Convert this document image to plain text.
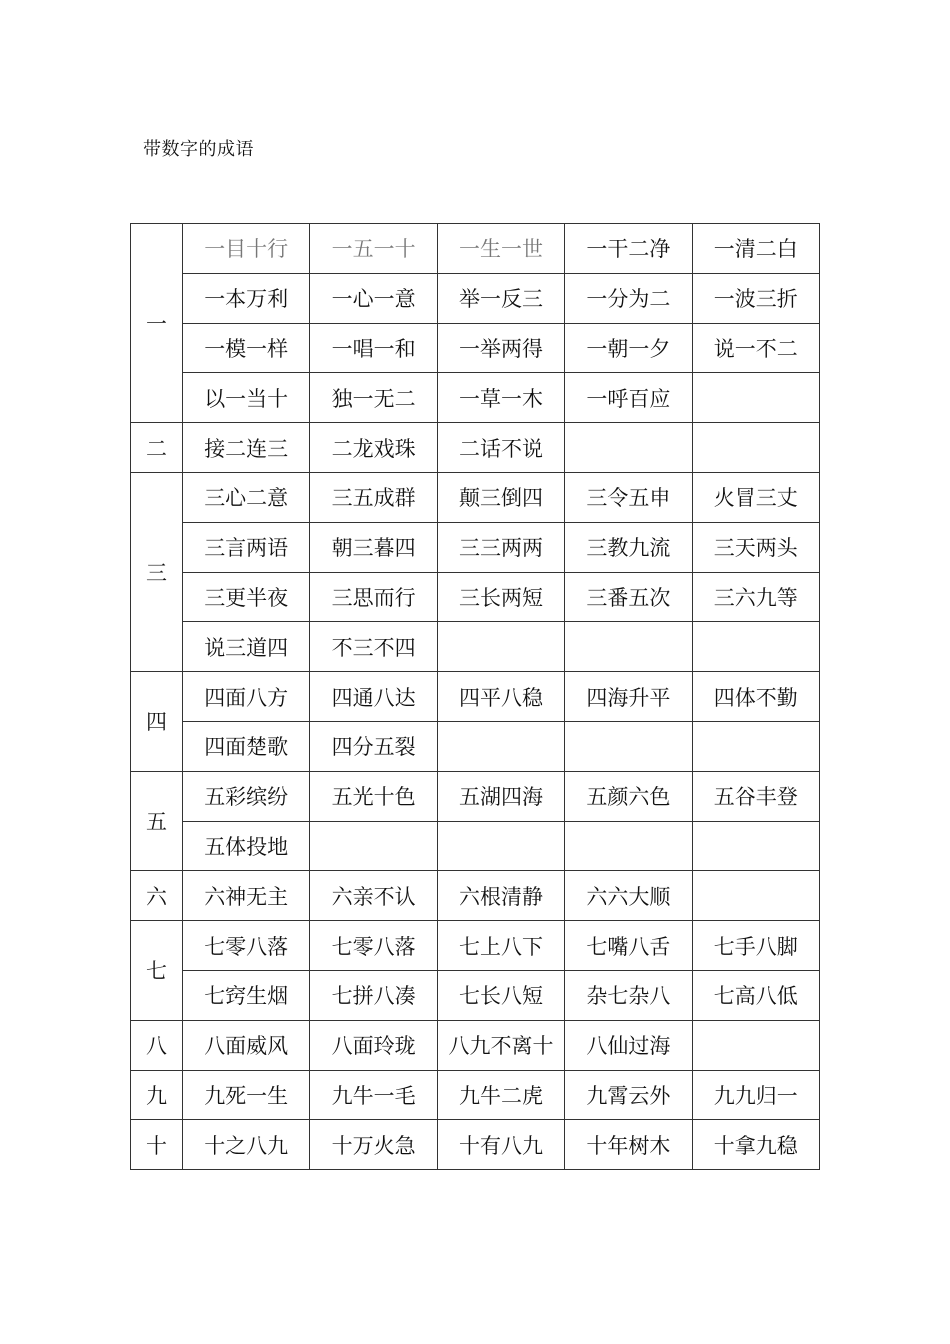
带数字的成语
一	一目十行	一五一十	一生一世	一干二净	一清二白
	一本万利	一心一意	举一反三	一分为二	一波三折
	一模一样	一唱一和	一举两得	一朝一夕	说一不二
	以一当十	独一无二	一草一木	一呼百应	
二	接二连三	二龙戏珠	二话不说		
三	三心二意	三五成群	颠三倒四	三令五申	火冒三丈
	三言两语	朝三暮四	三三两两	三教九流	三天两头
	三更半夜	三思而行	三长两短	三番五次	三六九等
	说三道四	不三不四			
四	四面八方	四通八达	四平八稳	四海升平	四体不勤
	四面楚歌	四分五裂			
五	五彩缤纷	五光十色	五湖四海	五颜六色	五谷丰登
	五体投地				
六	六神无主	六亲不认	六根清静	六六大顺	
七	七零八落	七零八落	七上八下	七嘴八舌	七手八脚
	七窍生烟	七拼八凑	七长八短	杂七杂八	七高八低
八	八面威风	八面玲珑	八九不离十	八仙过海	
九	九死一生	九牛一毛	九牛二虎	九霄云外	九九归一
十	十之八九	十万火急	十有八九	十年树木	十拿九稳
